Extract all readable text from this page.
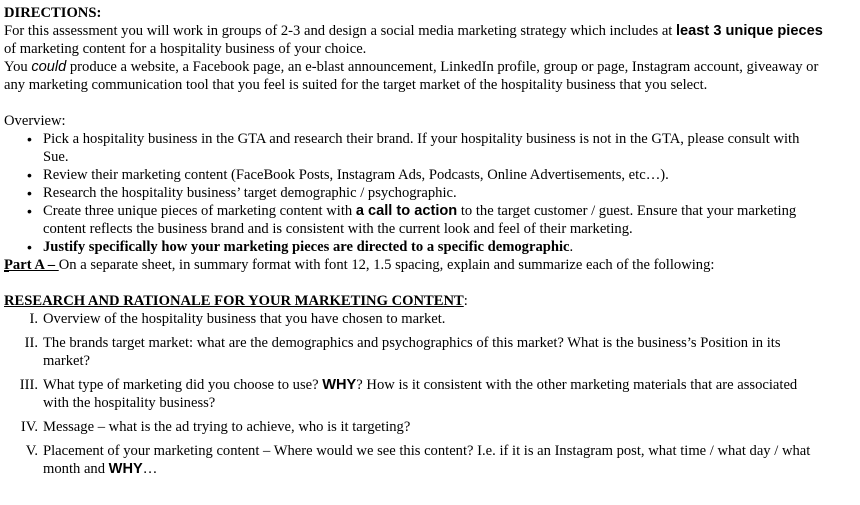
DIRECTIONS:

For this assessment you will work in groups of 2-3 and design a social media marketing strategy which includes at least 3 unique pieces of marketing content for a hospitality business of your choice.

You could produce a website, a Facebook page, an e-blast announcement, LinkedIn profile, group or page, Instagram account, giveaway or any marketing communication tool that you feel is suited for the target market of the hospitality business that you select.

Overview:

• Pick a hospitality business in the GTA and research their brand. If your hospitality business is not in the GTA, please consult with Sue.
• Review their marketing content (FaceBook Posts, Instagram Ads, Podcasts, Online Advertisements, etc…).
• Research the hospitality business’ target demographic / psychographic.
• Create three unique pieces of marketing content with a call to action to the target customer / guest. Ensure that your marketing content reflects the business brand and is consistent with the current look and feel of their marketing.
• Justify specifically how your marketing pieces are directed to a specific demographic.

Part A – On a separate sheet, in summary format with font 12, 1.5 spacing, explain and summarize each of the following:

RESEARCH AND RATIONALE FOR YOUR MARKETING CONTENT:

I. Overview of the hospitality business that you have chosen to market.
II. The brands target market: what are the demographics and psychographics of this market? What is the business’s Position in its market?
III. What type of marketing did you choose to use? WHY? How is it consistent with the other marketing materials that are associated with the hospitality business?
IV. Message – what is the ad trying to achieve, who is it targeting?
V. Placement of your marketing content – Where would we see this content? I.e. if it is an Instagram post, what time / what day / what month and WHY…
